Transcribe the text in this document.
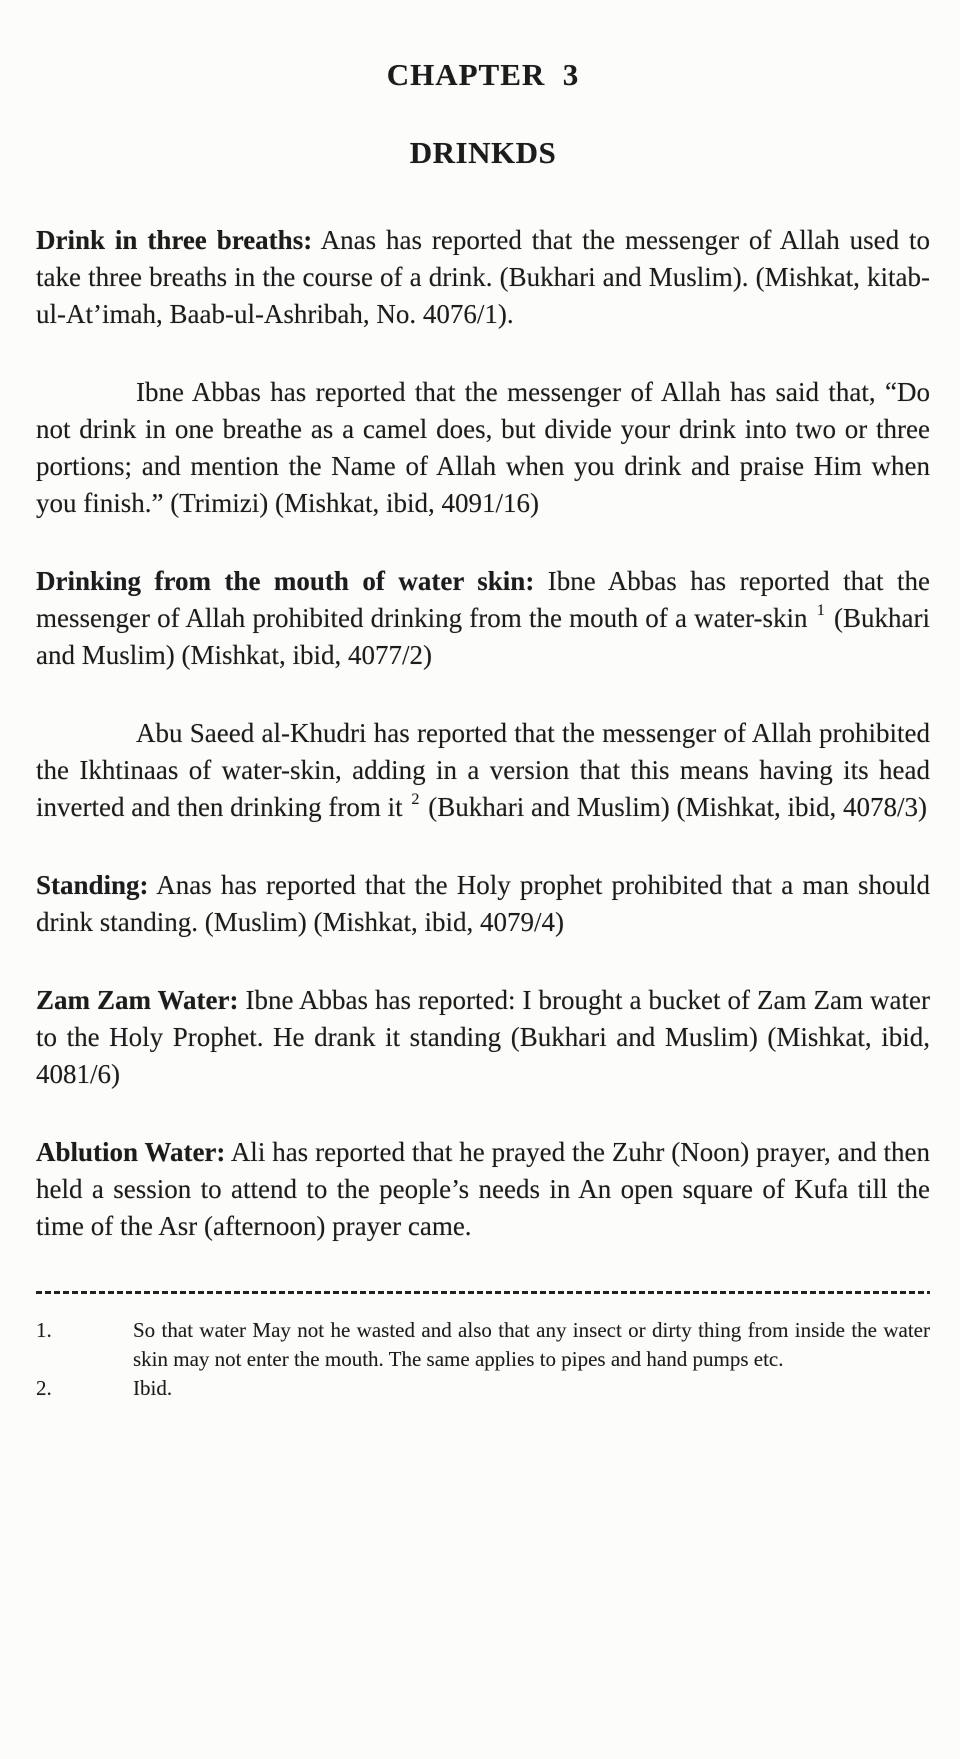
CHAPTER  3
DRINKDS

Drink in three breaths: Anas has reported that the messenger of Allah used to take three breaths in the course of a drink. (Bukhari and Muslim). (Mishkat, kitab-ul-At’imah, Baab-ul-Ashribah, No. 4076/1).

Ibne Abbas has reported that the messenger of Allah has said that, “Do not drink in one breathe as a camel does, but divide your drink into two or three portions; and mention the Name of Allah when you drink and praise Him when you finish.” (Trimizi) (Mishkat, ibid, 4091/16)

Drinking from the mouth of water skin: Ibne Abbas has reported that the messenger of Allah prohibited drinking from the mouth of a water-skin $^1$ (Bukhari and Muslim) (Mishkat, ibid, 4077/2)

Abu Saeed al-Khudri has reported that the messenger of Allah prohibited the Ikhtinaas of water-skin, adding in a version that this means having its head inverted and then drinking from it $^2$ (Bukhari and Muslim) (Mishkat, ibid, 4078/3)

Standing: Anas has reported that the Holy prophet prohibited that a man should drink standing. (Muslim) (Mishkat, ibid, 4079/4)

Zam Zam Water: Ibne Abbas has reported: I brought a bucket of Zam Zam water to the Holy Prophet. He drank it standing (Bukhari and Muslim) (Mishkat, ibid, 4081/6)

Ablution Water: Ali has reported that he prayed the Zuhr (Noon) prayer, and then held a session to attend to the people’s needs in An open square of Kufa till the time of the Asr (afternoon) prayer came.

1.	So that water May not he wasted and also that any insect or dirty thing from inside the water skin may not enter the mouth. The same applies to pipes and hand pumps etc.
2.	Ibid.
